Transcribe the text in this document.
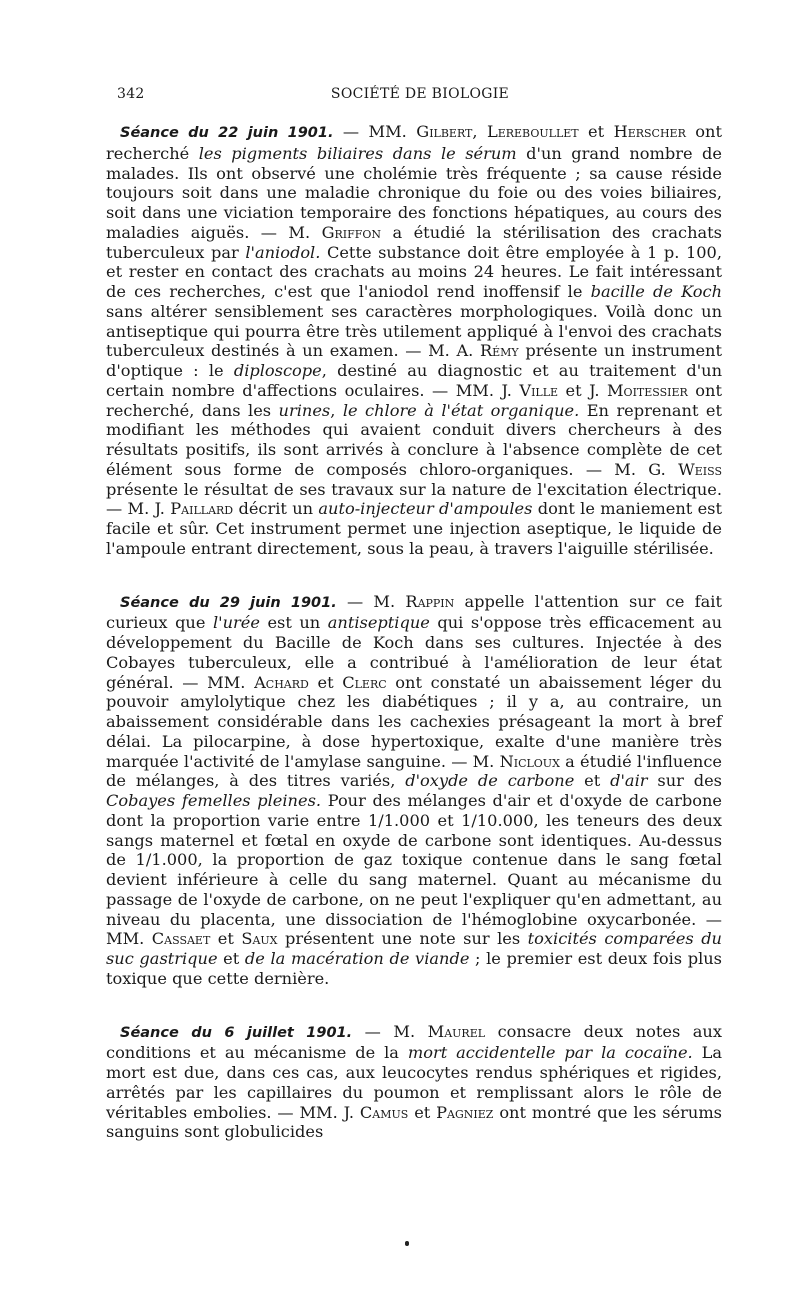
342	SOCIÉTÉ DE BIOLOGIE

Séance du 22 juin 1901. — MM. Gilbert, Lereboullet et Herscher ont recherché les pigments biliaires dans le sérum d'un grand nombre de malades. Ils ont observé une cholémie très fréquente ; sa cause réside toujours soit dans une maladie chronique du foie ou des voies biliaires, soit dans une viciation temporaire des fonctions hépatiques, au cours des maladies aiguës. — M. Griffon a étudié la stérilisation des crachats tuberculeux par l'aniodol. Cette substance doit être employée à 1 p. 100, et rester en contact des crachats au moins 24 heures. Le fait intéressant de ces recherches, c'est que l'aniodol rend inoffensif le bacille de Koch sans altérer sensiblement ses caractères morphologiques. Voilà donc un antiseptique qui pourra être très utilement appliqué à l'envoi des crachats tuberculeux destinés à un examen. — M. A. Rémy présente un instrument d'optique : le diploscope, destiné au diagnostic et au traitement d'un certain nombre d'affections oculaires. — MM. J. Ville et J. Moitessier ont recherché, dans les urines, le chlore à l'état organique. En reprenant et modifiant les méthodes qui avaient conduit divers chercheurs à des résultats positifs, ils sont arrivés à conclure à l'absence complète de cet élément sous forme de composés chloro-organiques. — M. G. Weiss présente le résultat de ses travaux sur la nature de l'excitation électrique. — M. J. Paillard décrit un auto-injecteur d'ampoules dont le maniement est facile et sûr. Cet instrument permet une injection aseptique, le liquide de l'ampoule entrant directement, sous la peau, à travers l'aiguille stérilisée.

Séance du 29 juin 1901. — M. Rappin appelle l'attention sur ce fait curieux que l'urée est un antiseptique qui s'oppose très efficacement au développement du Bacille de Koch dans ses cultures. Injectée à des Cobayes tuberculeux, elle a contribué à l'amélioration de leur état général. — MM. Achard et Clerc ont constaté un abaissement léger du pouvoir amylolytique chez les diabétiques ; il y a, au contraire, un abaissement considérable dans les cachexies présageant la mort à bref délai. La pilocarpine, à dose hypertoxique, exalte d'une manière très marquée l'activité de l'amylase sanguine. — M. Nicloux a étudié l'influence de mélanges, à des titres variés, d'oxyde de carbone et d'air sur des Cobayes femelles pleines. Pour des mélanges d'air et d'oxyde de carbone dont la proportion varie entre 1/1.000 et 1/10.000, les teneurs des deux sangs maternel et fœtal en oxyde de carbone sont identiques. Au-dessus de 1/1.000, la proportion de gaz toxique contenue dans le sang fœtal devient inférieure à celle du sang maternel. Quant au mécanisme du passage de l'oxyde de carbone, on ne peut l'expliquer qu'en admettant, au niveau du placenta, une dissociation de l'hémoglobine oxycarbonée. — MM. Cassaet et Saux présentent une note sur les toxicités comparées du suc gastrique et de la macération de viande ; le premier est deux fois plus toxique que cette dernière.

Séance du 6 juillet 1901. — M. Maurel consacre deux notes aux conditions et au mécanisme de la mort accidentelle par la cocaïne. La mort est due, dans ces cas, aux leucocytes rendus sphériques et rigides, arrêtés par les capillaires du poumon et remplissant alors le rôle de véritables embolies. — MM. J. Camus et Pagniez ont montré que les sérums sanguins sont globulicides
